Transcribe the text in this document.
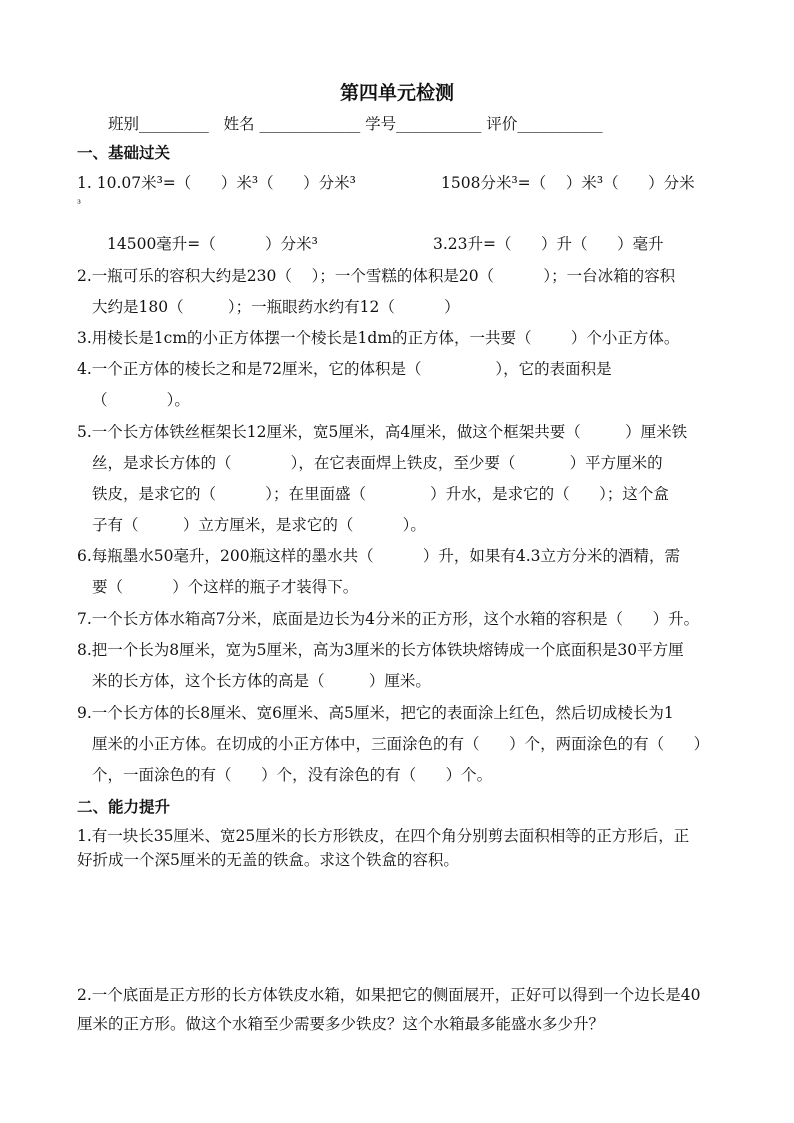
第四单元检测
班别_________   姓名 _____________ 学号___________ 评价___________
一、基础过关
1. 10.07米³=（      ）米³（      ）分米³	1508分米³=（    ）米³（      ）分米
³
14500毫升=（          ）分米³	3.23升=（      ）升（      ）毫升
2.一瓶可乐的容积大约是230（    ）；一个雪糕的体积是20（          ）；一台冰箱的容积
大约是180（         ）；一瓶眼药水约有12（          ）
3.用棱长是1cm的小正方体摆一个棱长是1dm的正方体，一共要（        ）个小正方体。
4.一个正方体的棱长之和是72厘米，它的体积是（               ），它的表面积是
（            ）。
5.一个长方体铁丝框架长12厘米，宽5厘米，高4厘米，做这个框架共要（         ）厘米铁
丝，是求长方体的（            ），在它表面焊上铁皮，至少要（           ）平方厘米的
铁皮，是求它的（          ）；在里面盛（             ）升水，是求它的（      ）；这个盒
子有（         ）立方厘米，是求它的（          ）。
6.每瓶墨水50毫升，200瓶这样的墨水共（          ）升，如果有4.3立方分米的酒精，需
要（          ）个这样的瓶子才装得下。
7.一个长方体水箱高7分米，底面是边长为4分米的正方形，这个水箱的容积是（      ）升。
8.把一个长为8厘米，宽为5厘米，高为3厘米的长方体铁块熔铸成一个底面积是30平方厘
米的长方体，这个长方体的高是（         ）厘米。
9.一个长方体的长8厘米、宽6厘米、高5厘米，把它的表面涂上红色，然后切成棱长为1
厘米的小正方体。在切成的小正方体中，三面涂色的有（      ）个，两面涂色的有（      ）
个，一面涂色的有（      ）个，没有涂色的有（      ）个。
二、能力提升
1.有一块长35厘米、宽25厘米的长方形铁皮，在四个角分别剪去面积相等的正方形后，正
好折成一个深5厘米的无盖的铁盒。求这个铁盒的容积。
2.一个底面是正方形的长方体铁皮水箱，如果把它的侧面展开，正好可以得到一个边长是40
厘米的正方形。做这个水箱至少需要多少铁皮？这个水箱最多能盛水多少升？
